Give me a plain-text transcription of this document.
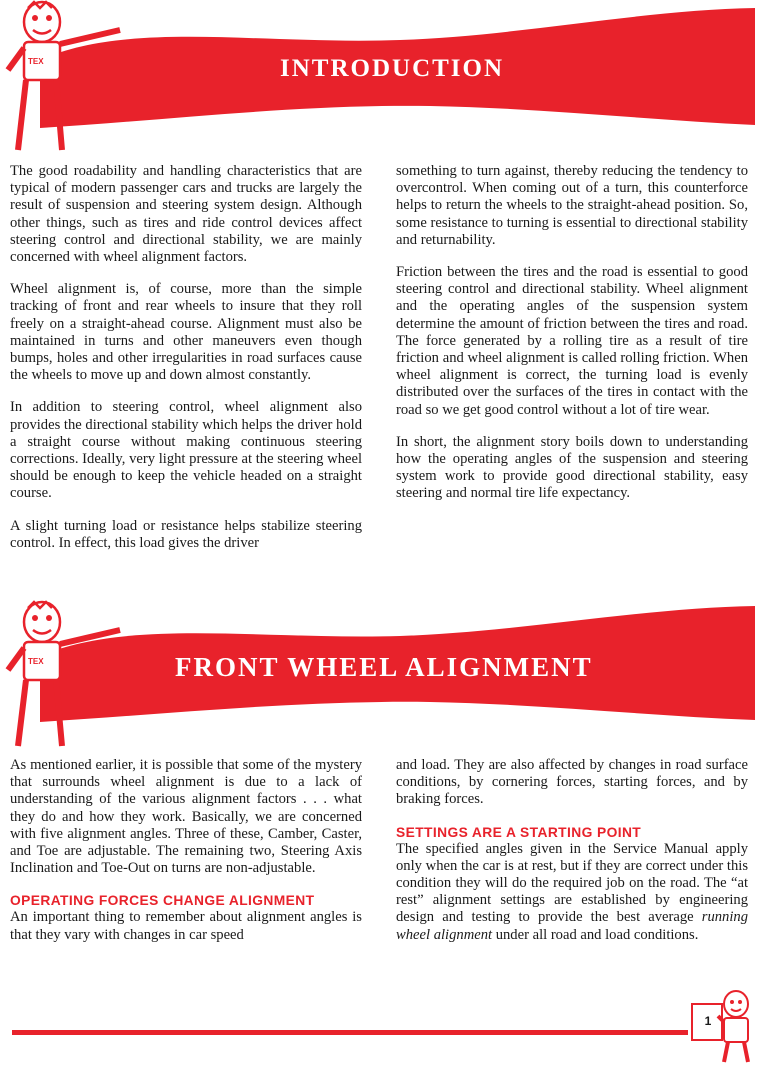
TEX	INTRODUCTION

The good roadability and handling characteristics that are typical of modern passenger cars and trucks are largely the result of suspension and steering system design. Although other things, such as tires and ride control devices affect steering control and directional stability, we are mainly concerned with wheel alignment factors.

Wheel alignment is, of course, more than the simple tracking of front and rear wheels to insure that they roll freely on a straight-ahead course. Alignment must also be maintained in turns and other maneuvers even though bumps, holes and other irregularities in road surfaces cause the wheels to move up and down almost constantly.

In addition to steering control, wheel alignment also provides the directional stability which helps the driver hold a straight course without making continuous steering corrections. Ideally, very light pressure at the steering wheel should be enough to keep the vehicle headed on a straight course.

A slight turning load or resistance helps stabilize steering control. In effect, this load gives the driver

something to turn against, thereby reducing the tendency to overcontrol. When coming out of a turn, this counterforce helps to return the wheels to the straight-ahead position. So, some resistance to turning is essential to directional stability and returnability.

Friction between the tires and the road is essential to good steering control and directional stability. Wheel alignment and the operating angles of the suspension system determine the amount of friction between the tires and road. The force generated by a rolling tire as a result of tire friction and wheel alignment is called rolling friction. When wheel alignment is correct, the turning load is evenly distributed over the surfaces of the tires in contact with the road so we get good control without a lot of tire wear.

In short, the alignment story boils down to understanding how the operating angles of the suspension and steering system work to provide good directional stability, easy steering and normal tire life expectancy.

TEX	FRONT WHEEL ALIGNMENT

As mentioned earlier, it is possible that some of the mystery that surrounds wheel alignment is due to a lack of understanding of the various alignment factors . . . what they do and how they work. Basically, we are concerned with five alignment angles. Three of these, Camber, Caster, and Toe are adjustable. The remaining two, Steering Axis Inclination and Toe-Out on turns are non-adjustable.

OPERATING FORCES CHANGE ALIGNMENT

An important thing to remember about alignment angles is that they vary with changes in car speed

and load. They are also affected by changes in road surface conditions, by cornering forces, starting forces, and by braking forces.

SETTINGS ARE A STARTING POINT

The specified angles given in the Service Manual apply only when the car is at rest, but if they are correct under this condition they will do the required job on the road. The “at rest” alignment settings are established by engineering design and testing to provide the best average running wheel alignment under all road and load conditions.

1
